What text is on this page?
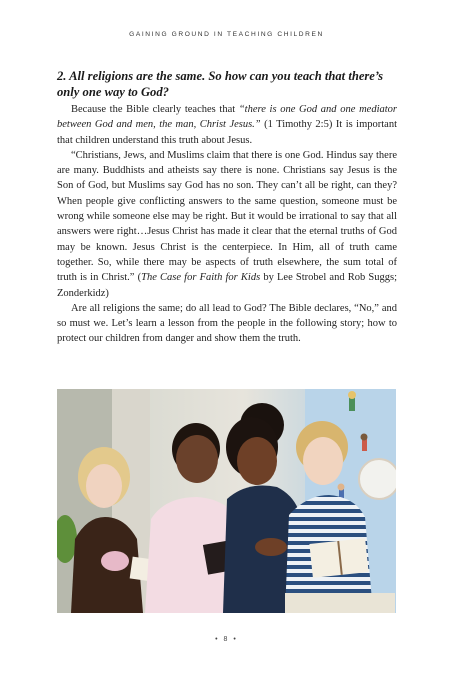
GAINING GROUND IN TEACHING CHILDREN
2. All religions are the same. So how can you teach that there’s only one way to God?

Because the Bible clearly teaches that “there is one God and one mediator between God and men, the man, Christ Jesus.” (1 Timothy 2:5) It is important that children understand this truth about Jesus.

“Christians, Jews, and Muslims claim that there is one God. Hindus say there are many. Buddhists and atheists say there is none. Christians say Jesus is the Son of God, but Muslims say God has no son. They can’t all be right, can they? When people give conflicting answers to the same question, someone must be wrong while someone else may be right. But it would be irrational to say that all answers were right…Jesus Christ has made it clear that the eternal truths of God may be known. Jesus Christ is the centerpiece. In Him, all of truth came together. So, while there may be aspects of truth elsewhere, the sum total of truth is in Christ.” (The Case for Faith for Kids by Lee Strobel and Rob Suggs; Zonderkidz)

Are all religions the same; do all lead to God? The Bible declares, “No,” and so must we. Let’s learn a lesson from the people in the following story; how to protect our children from danger and show them the truth.

• 8 •
